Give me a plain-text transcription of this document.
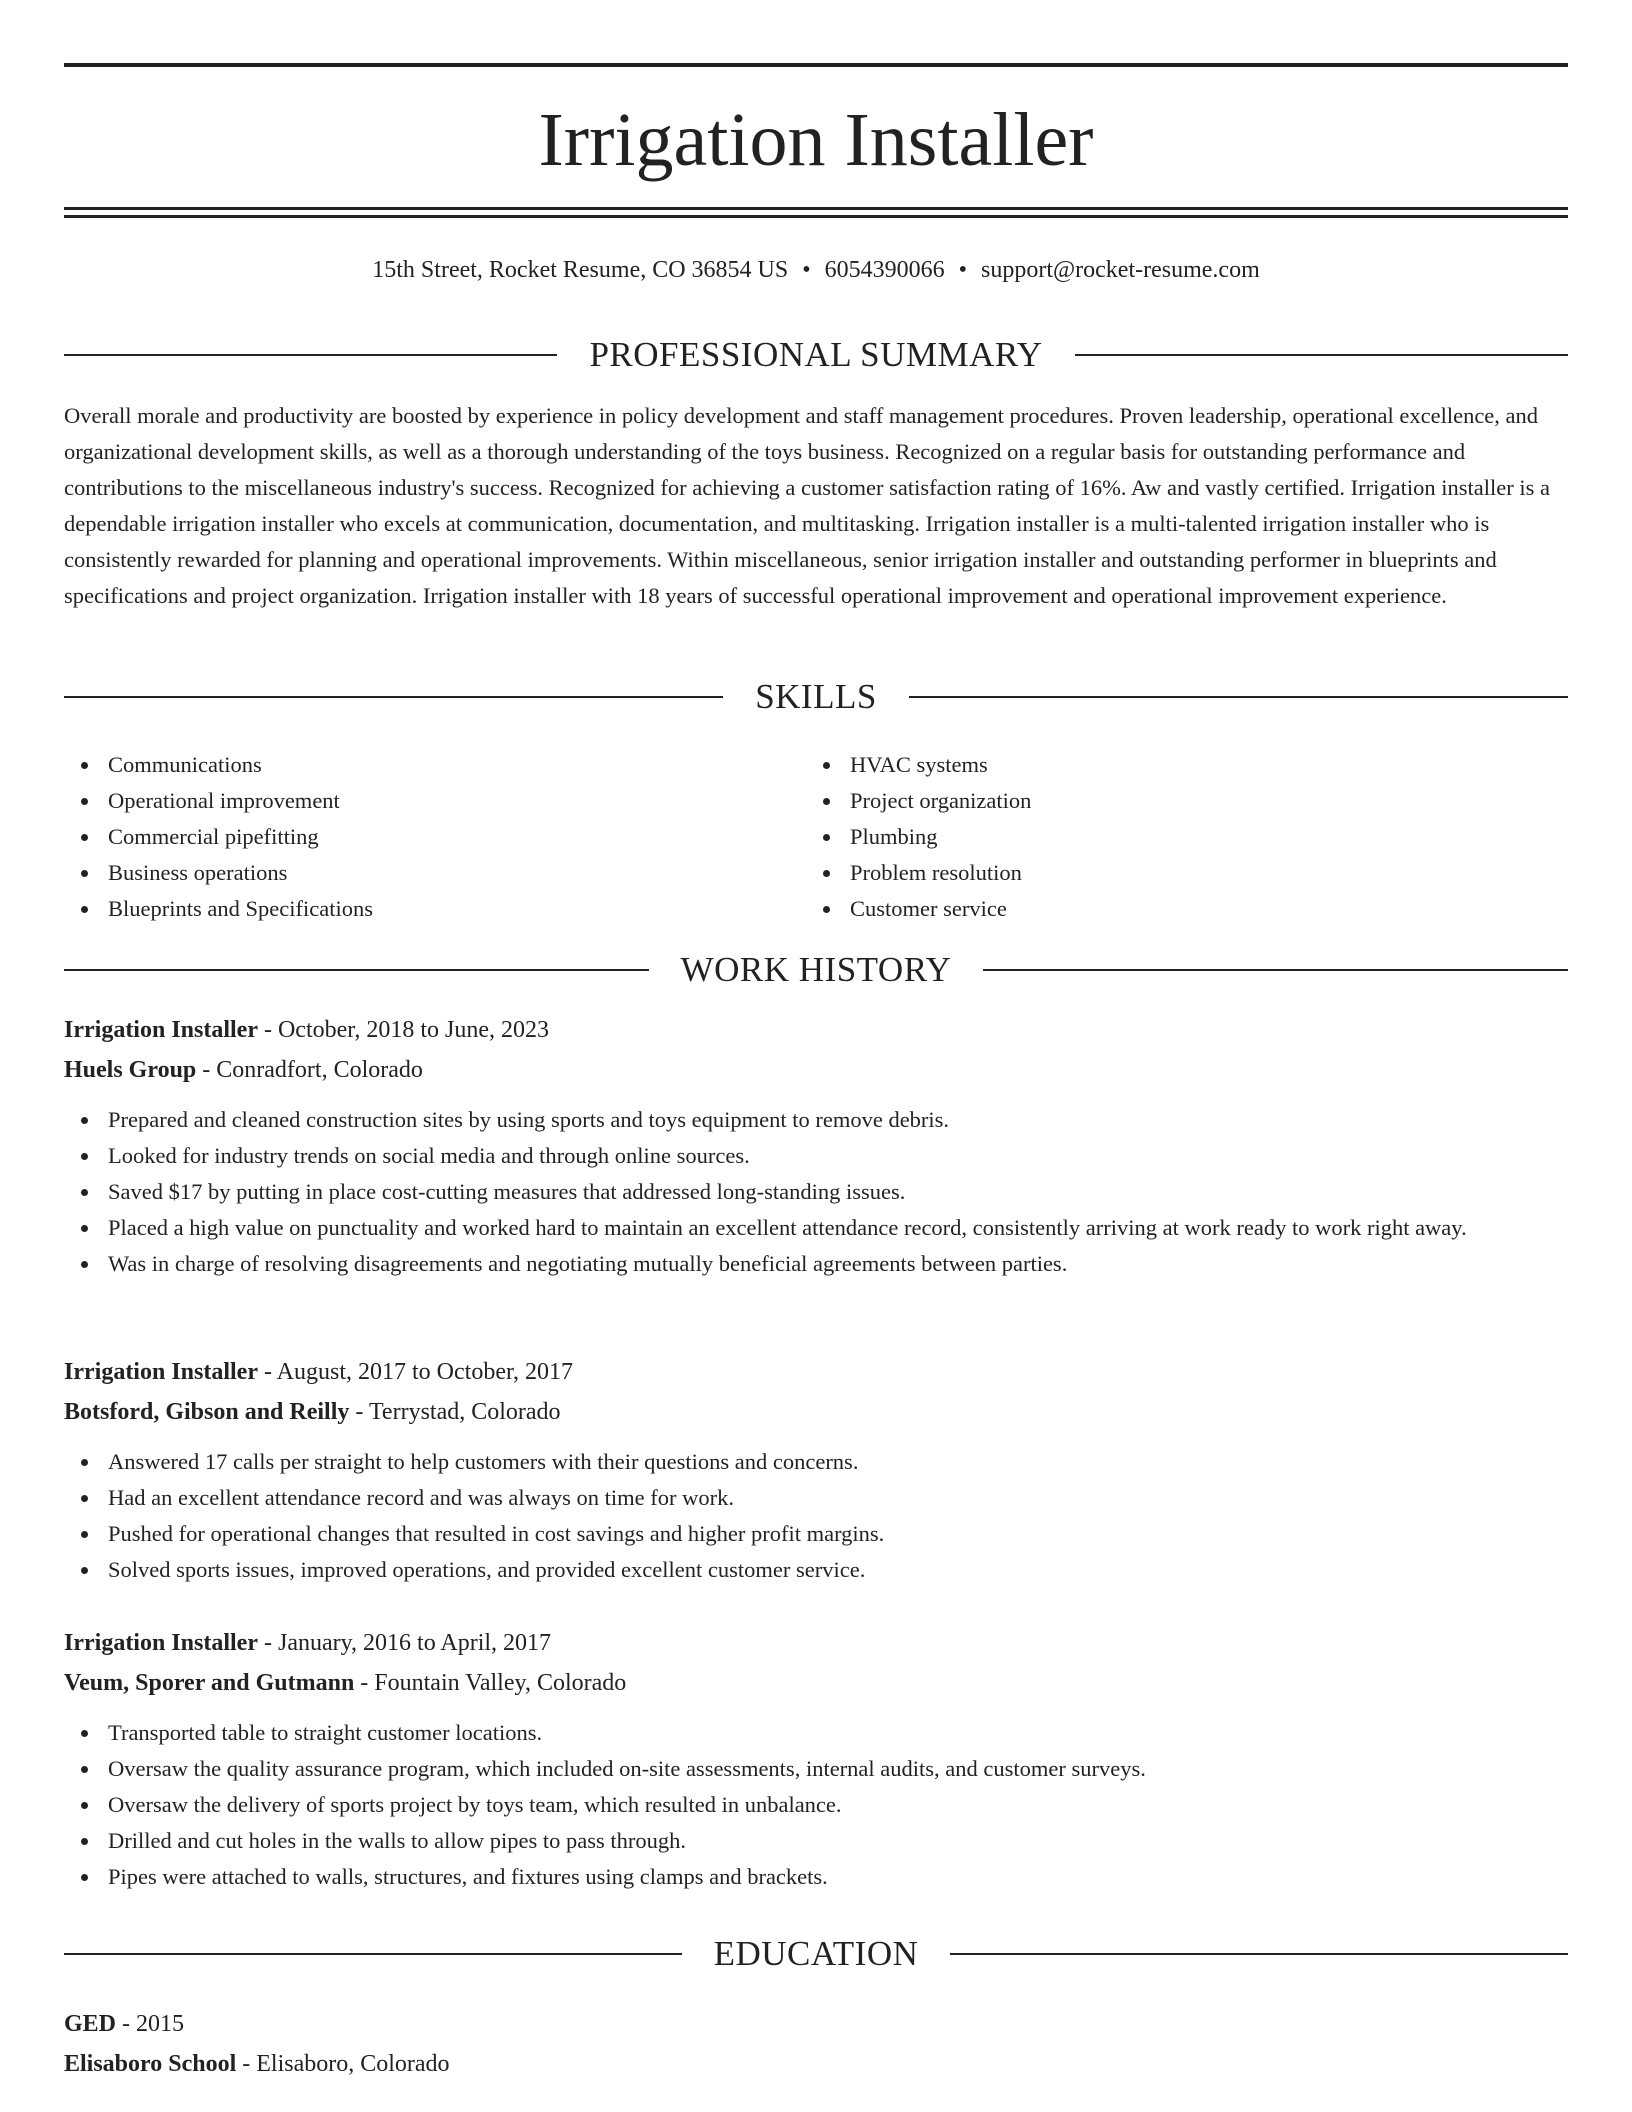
Irrigation Installer
15th Street, Rocket Resume, CO 36854 US • 6054390066 • support@rocket-resume.com
PROFESSIONAL SUMMARY

Overall morale and productivity are boosted by experience in policy development and staff management procedures. Proven leadership, operational excellence, and organizational development skills, as well as a thorough understanding of the toys business. Recognized on a regular basis for outstanding performance and contributions to the miscellaneous industry's success. Recognized for achieving a customer satisfaction rating of 16%. Aw and vastly certified. Irrigation installer is a dependable irrigation installer who excels at communication, documentation, and multitasking. Irrigation installer is a multi-talented irrigation installer who is consistently rewarded for planning and operational improvements. Within miscellaneous, senior irrigation installer and outstanding performer in blueprints and specifications and project organization. Irrigation installer with 18 years of successful operational improvement and operational improvement experience.

SKILLS
Communications
Operational improvement
Commercial pipefitting
Business operations
Blueprints and Specifications
HVAC systems
Project organization
Plumbing
Problem resolution
Customer service
WORK HISTORY
Irrigation Installer - October, 2018 to June, 2023
Huels Group - Conradfort, Colorado
Prepared and cleaned construction sites by using sports and toys equipment to remove debris.
Looked for industry trends on social media and through online sources.
Saved $17 by putting in place cost-cutting measures that addressed long-standing issues.
Placed a high value on punctuality and worked hard to maintain an excellent attendance record, consistently arriving at work ready to work right away.
Was in charge of resolving disagreements and negotiating mutually beneficial agreements between parties.
Irrigation Installer - August, 2017 to October, 2017
Botsford, Gibson and Reilly - Terrystad, Colorado
Answered 17 calls per straight to help customers with their questions and concerns.
Had an excellent attendance record and was always on time for work.
Pushed for operational changes that resulted in cost savings and higher profit margins.
Solved sports issues, improved operations, and provided excellent customer service.
Irrigation Installer - January, 2016 to April, 2017
Veum, Sporer and Gutmann - Fountain Valley, Colorado
Transported table to straight customer locations.
Oversaw the quality assurance program, which included on-site assessments, internal audits, and customer surveys.
Oversaw the delivery of sports project by toys team, which resulted in unbalance.
Drilled and cut holes in the walls to allow pipes to pass through.
Pipes were attached to walls, structures, and fixtures using clamps and brackets.
EDUCATION
GED - 2015
Elisaboro School - Elisaboro, Colorado
